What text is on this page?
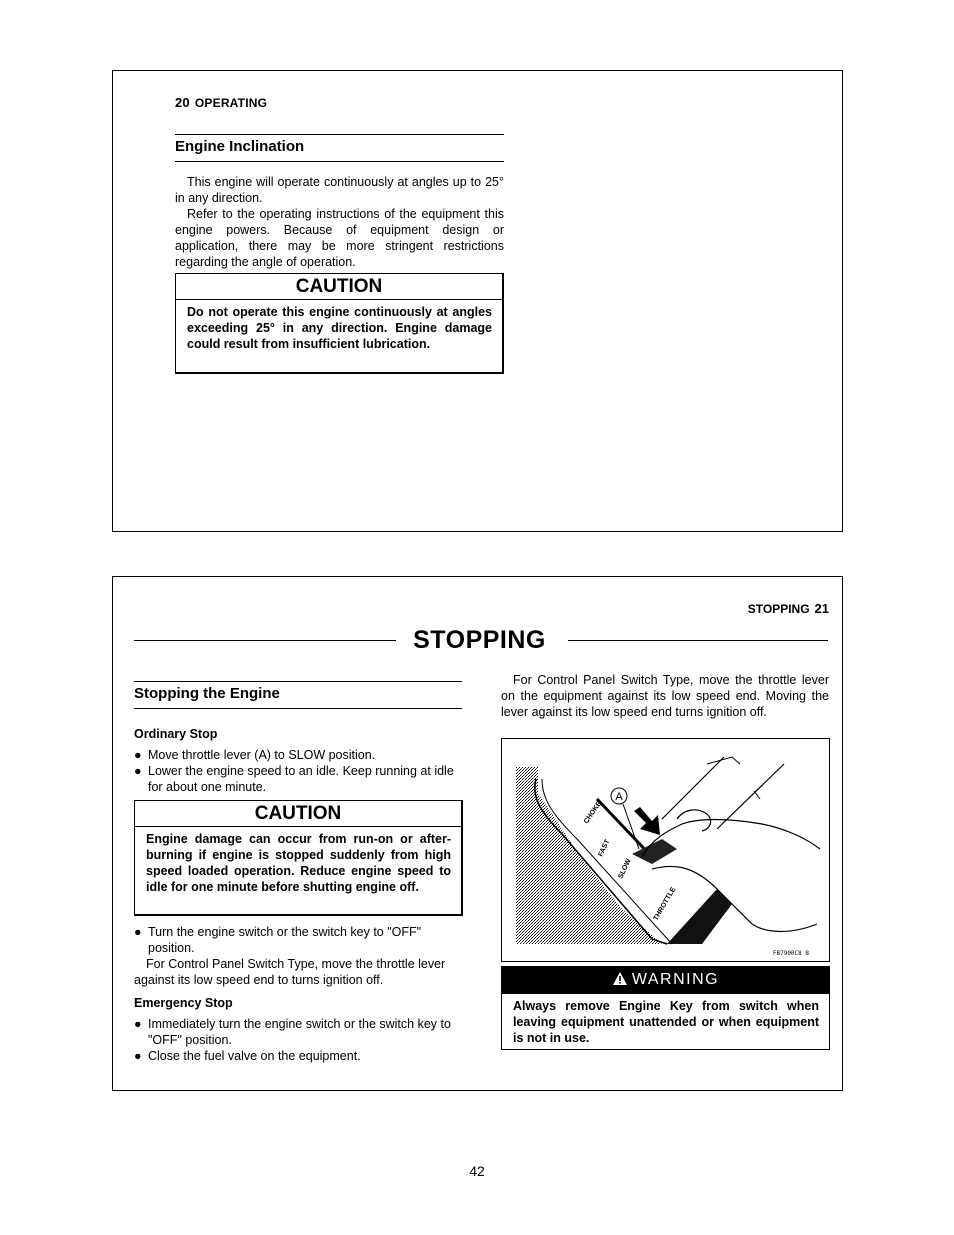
20 OPERATING
Engine Inclination

This engine will operate continuously at angles up to 25° in any direction.

Refer to the operating instructions of the equipment this engine powers. Because of equipment design or application, there may be more stringent restrictions regarding the angle of operation.

CAUTION
Do not operate this engine continuously at angles exceeding 25° in any direction. Engine damage could result from insufficient lubrication.
STOPPING 21
STOPPING
Stopping the Engine
Ordinary Stop
● Move throttle lever (A) to SLOW position.
● Lower the engine speed to an idle. Keep running at idle for about one minute.
CAUTION
Engine damage can occur from run-on or after-burning if engine is stopped suddenly from high speed loaded operation. Reduce engine speed to idle for one minute before shutting engine off.
● Turn the engine switch or the switch key to "OFF" position.
For Control Panel Switch Type, move the throttle lever against its low speed end to turns ignition off.
Emergency Stop
● Immediately turn the engine switch or the switch key to "OFF" position.
● Close the fuel valve on the equipment.

For Control Panel Switch Type, move the throttle lever on the equipment against its low speed end. Moving the lever against its low speed end turns ignition off.

A
CHOKE
FAST
SLOW
THROTTLE
FB7900C8 8
WARNING
Always remove Engine Key from switch when leaving equipment unattended or when equipment is not in use.
42
